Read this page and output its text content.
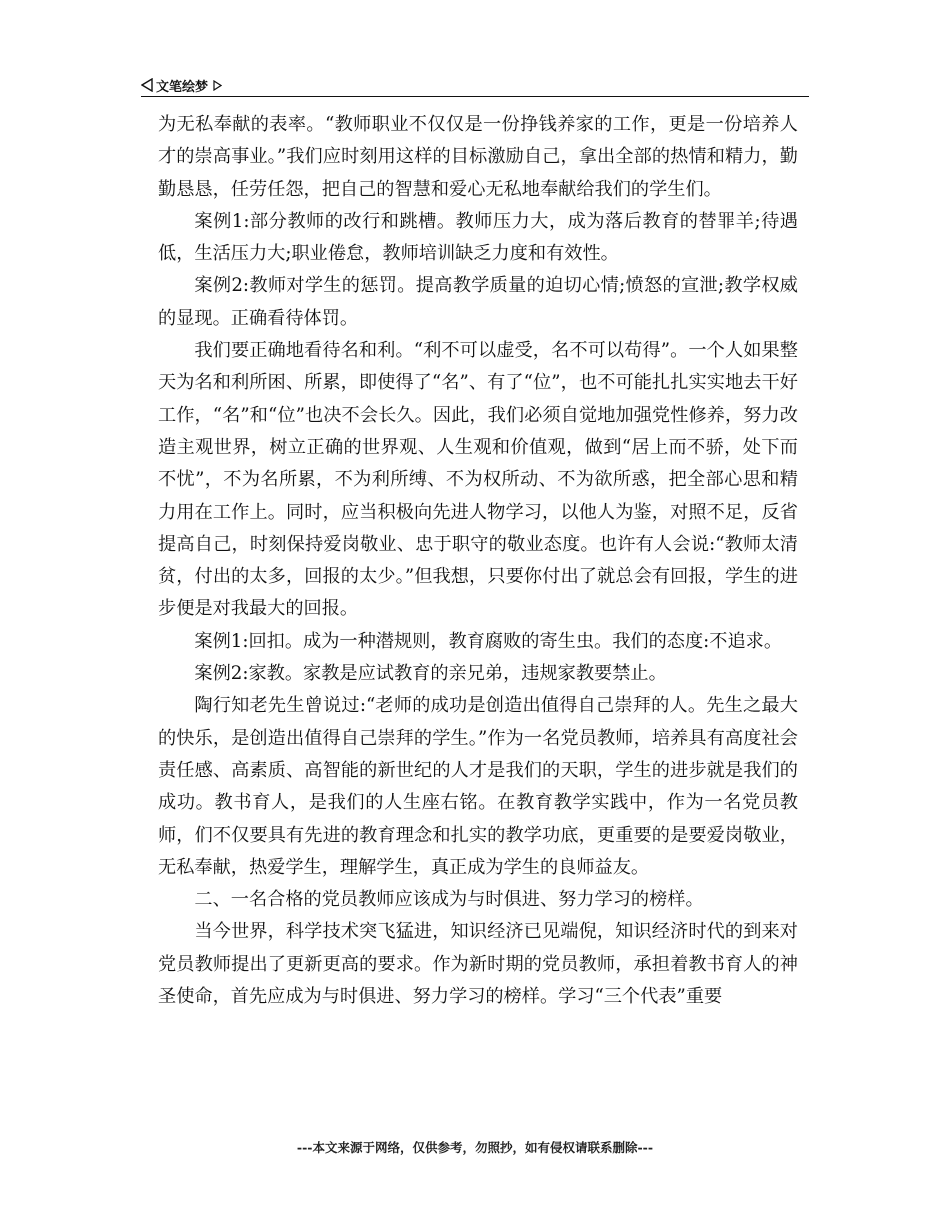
文笔绘梦

为无私奉献的表率。“教师职业不仅仅是一份挣钱养家的工作，更是一份培养人才的崇高事业。”我们应时刻用这样的目标激励自己，拿出全部的热情和精力，勤勤恳恳，任劳任怨，把自己的智慧和爱心无私地奉献给我们的学生们。

案例1:部分教师的改行和跳槽。教师压力大，成为落后教育的替罪羊;待遇低，生活压力大;职业倦怠，教师培训缺乏力度和有效性。

案例2:教师对学生的惩罚。提高教学质量的迫切心情;愤怒的宣泄;教学权威的显现。正确看待体罚。

我们要正确地看待名和利。“利不可以虚受，名不可以苟得”。一个人如果整天为名和利所困、所累，即使得了“名”、有了“位”，也不可能扎扎实实地去干好工作，“名”和“位”也决不会长久。因此，我们必须自觉地加强党性修养，努力改造主观世界，树立正确的世界观、人生观和价值观，做到“居上而不骄，处下而不忧”，不为名所累，不为利所缚、不为权所动、不为欲所惑，把全部心思和精力用在工作上。同时，应当积极向先进人物学习，以他人为鉴，对照不足，反省提高自己，时刻保持爱岗敬业、忠于职守的敬业态度。也许有人会说:“教师太清贫，付出的太多，回报的太少。”但我想，只要你付出了就总会有回报，学生的进步便是对我最大的回报。

案例1:回扣。成为一种潜规则，教育腐败的寄生虫。我们的态度:不追求。

案例2:家教。家教是应试教育的亲兄弟，违规家教要禁止。

陶行知老先生曾说过:“老师的成功是创造出值得自己崇拜的人。先生之最大的快乐，是创造出值得自己崇拜的学生。”作为一名党员教师，培养具有高度社会责任感、高素质、高智能的新世纪的人才是我们的天职，学生的进步就是我们的成功。教书育人，是我们的人生座右铭。在教育教学实践中，作为一名党员教师，们不仅要具有先进的教育理念和扎实的教学功底，更重要的是要爱岗敬业，无私奉献，热爱学生，理解学生，真正成为学生的良师益友。

二、一名合格的党员教师应该成为与时俱进、努力学习的榜样。

当今世界，科学技术突飞猛进，知识经济已见端倪，知识经济时代的到来对党员教师提出了更新更高的要求。作为新时期的党员教师，承担着教书育人的神圣使命，首先应成为与时俱进、努力学习的榜样。学习“三个代表”重要

---本文来源于网络，仅供参考，勿照抄，如有侵权请联系删除---
